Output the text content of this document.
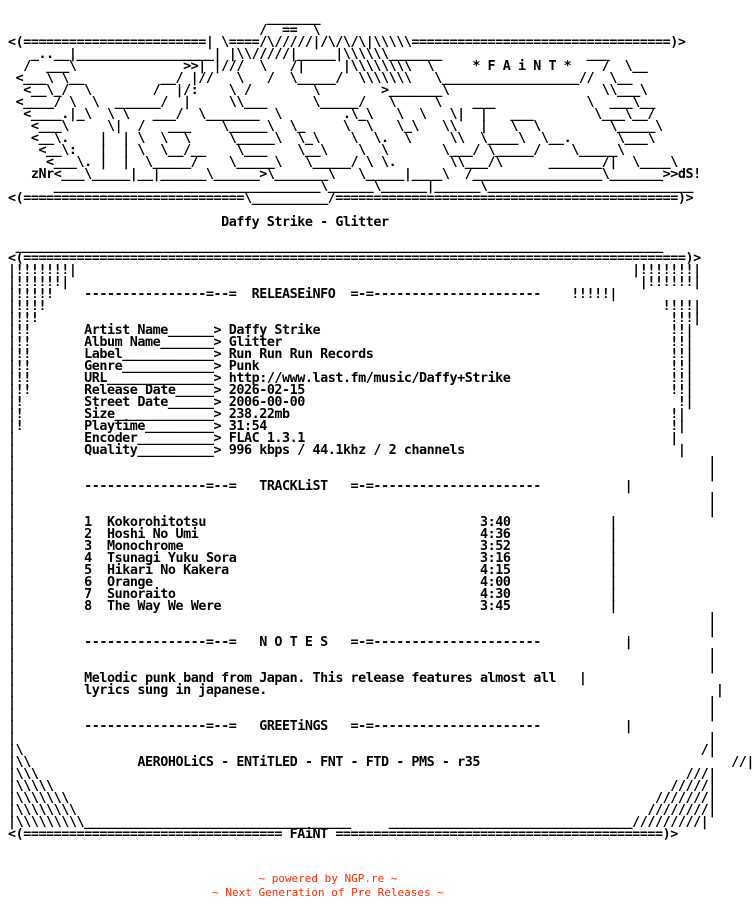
_______
/  ==  \
<(========================| \====/\/////|/\/\/\|\\\\\==================================)>
_..__|__________________| |\\/////|_____|\\\\\\_______                   ___
/  ___\              >>| |///  \   /|     |\\\\\\\\  \	* F A i N T *    /  \__
<___\ \__          __/ |//   \   /  \_____/  \\\\\\\   \__________________//  \__
<__\_/  \        /  |/:    \ /        \        >_______\                    \\___\
<____/ \  \  ______/  |     \\___      \_____/   \     \    ___            \  ___\__
<____.|_\  \ \   ___/  \_______  \        .\_\   \  \   \|  |   ___        \___\__/
<___\     \|  /   ___    \_____\  \_     \  \   \_\   \\   |   \  \         \_____\
<__\.    |  | \  \  \     \_____\  \_\    \  \.  \     \\  \____\  \__.      \___\
<__\:   |  | \  \__/__    \___    \__\    \  \       \___/ \_____/    \_____\
<___\. |  |  \_____/    \_____\   \_____/ \ \.       \\___/\      _______/|  \____\
zNr<___\_____|__|______\______>\_______\   \_____|____\  /_________________\_______>>dS!
___________________________________\______\______|______\___________________________
<(=============================\__________/=============================================)>

Daffy Strike - Glitter

_____________________________________________________________________________________
<(=======================================================================================)>
|!!!!!!!|                                                                         |!!!!!!!|
|!!!!!!|                                                                           |!!!!!!|
|!!!!!    ----------------=--=  RELEASEiNFO  =-=----------------------    !!!!!|
|!!!!                                                                                 !!!!|
|!!!                                                                                   !!!|
|!!	Artist Name______> Daffy Strike	!!|
|!!	Album Name_______> Glitter	!!|
|!!	Label____________> Run Run Run Records	!!|
|!!	Genre____________> Punk	!!|
|!!	URL______________> http://www.last.fm/music/Daffy+Strike	!!|
|!!	Release Date_____> 2026-02-15	!!|
|!	Street Date______> 2006-00-00	!|
|!	Size_____________> 238.22mb	!|
|!	Playtime_________> 31:54	!|
|	Encoder__________> FLAC 1.3.1	|
|	Quality__________> 996 kbps / 44.1khz / 2 channels	|
|                                                                                           |
|                                                                                           |
|         ----------------=--=   TRACKLiST   =-=----------------------           |
|                                                                                           |
|                                                                                           |
|	1 Kokorohitotsu	3:40	|
|	2 Hoshi No Umi	4:36	|
|	3 Monochrome	3:52	|
|	4 Tsunagi Yuku Sora	3:16	|
|	5 Hikari No Kakera	4:15	|
|	6 Orange	4:00	|
|	7 Sunoraito	4:30	|
|	8 The Way We Were	3:45	|
|                                                                                           |
|                                                                                           |
|         ----------------=--=   N O T E S   =-=----------------------           |
|                                                                                           |
|                                                                                           |
|	Melodic punk band from Japan. This release features almost all   |
|	lyrics sung in japanese.	|
|                                                                                           |
|                                                                                           |
|         ----------------=--=   GREETiNGS   =-=----------------------           |
|                                                                                           |
|\                                                                                         /|
|\\	AEROHOLiCS - ENTiTLED - FNT - FTD - PMS - r35	//|
|\\\                                                                                     ///|
|\\\\\                                                                                 /////|
|\\\\\\\                                                                             ///////|
|\\\\\\\\                                                                           ////////|
|\\\\\\\\\___________________________________     ________________________________/////////|
<(================================== FAiNT ===========================================)>
~ powered by NGP.re ~
~ Next Generation of Pre Releases ~
